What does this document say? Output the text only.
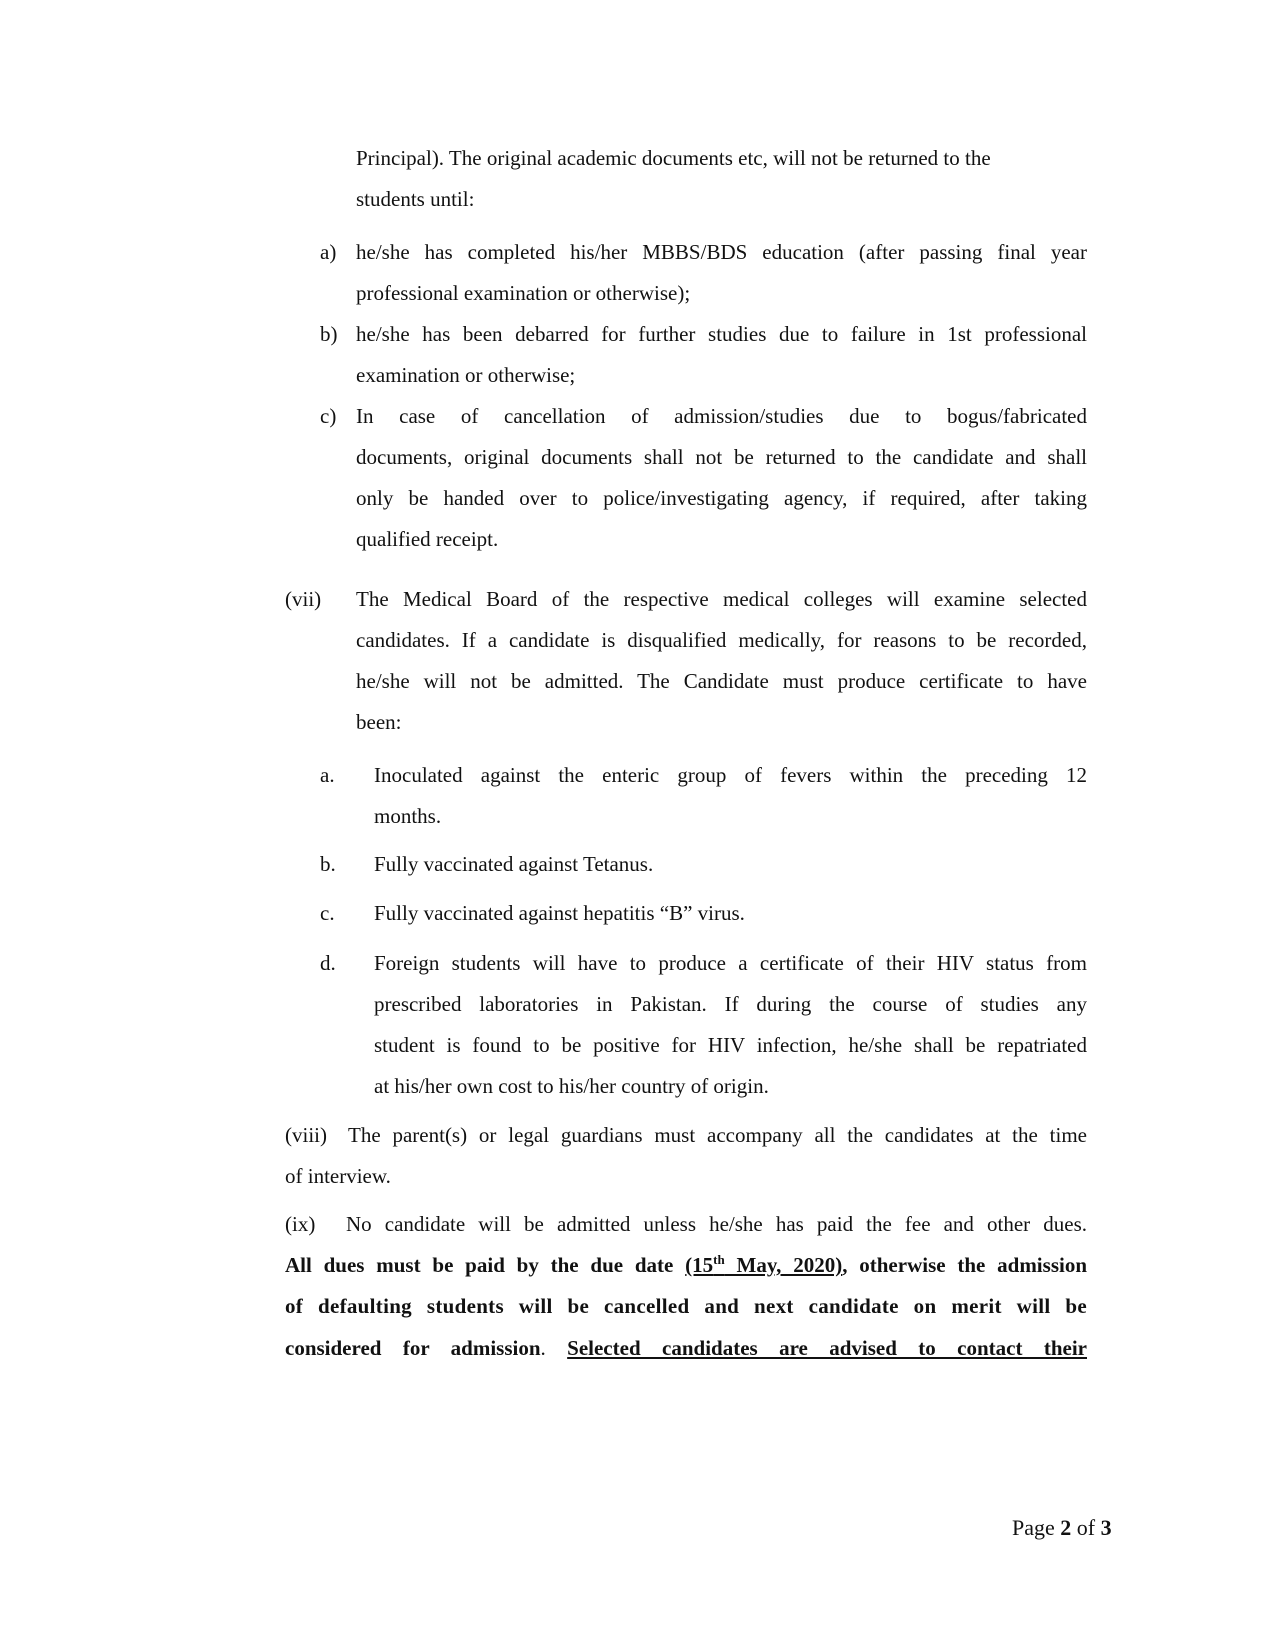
Principal). The original academic documents etc, will not be returned to the
students until:
a) he/she has completed his/her MBBS/BDS education (after passing final year
professional examination or otherwise);
b) he/she has been debarred for further studies due to failure in 1st professional
examination or otherwise;
c) In case of cancellation of admission/studies due to bogus/fabricated
documents, original documents shall not be returned to the candidate and shall
only be handed over to police/investigating agency, if required, after taking
qualified receipt.
(vii) The Medical Board of the respective medical colleges will examine selected
candidates. If a candidate is disqualified medically, for reasons to be recorded,
he/she will not be admitted. The Candidate must produce certificate to have
been:
a. Inoculated against the enteric group of fevers within the preceding 12
months.
b. Fully vaccinated against Tetanus.
c. Fully vaccinated against hepatitis “B” virus.
d. Foreign students will have to produce a certificate of their HIV status from
prescribed laboratories in Pakistan. If during the course of studies any
student is found to be positive for HIV infection, he/she shall be repatriated
at his/her own cost to his/her country of origin.
(viii) The parent(s) or legal guardians must accompany all the candidates at the time
of interview.
(ix) No candidate will be admitted unless he/she has paid the fee and other dues.
All dues must be paid by the due date (15th May, 2020), otherwise the admission
of defaulting students will be cancelled and next candidate on merit will be
considered for admission. Selected candidates are advised to contact their
Page 2 of 3
